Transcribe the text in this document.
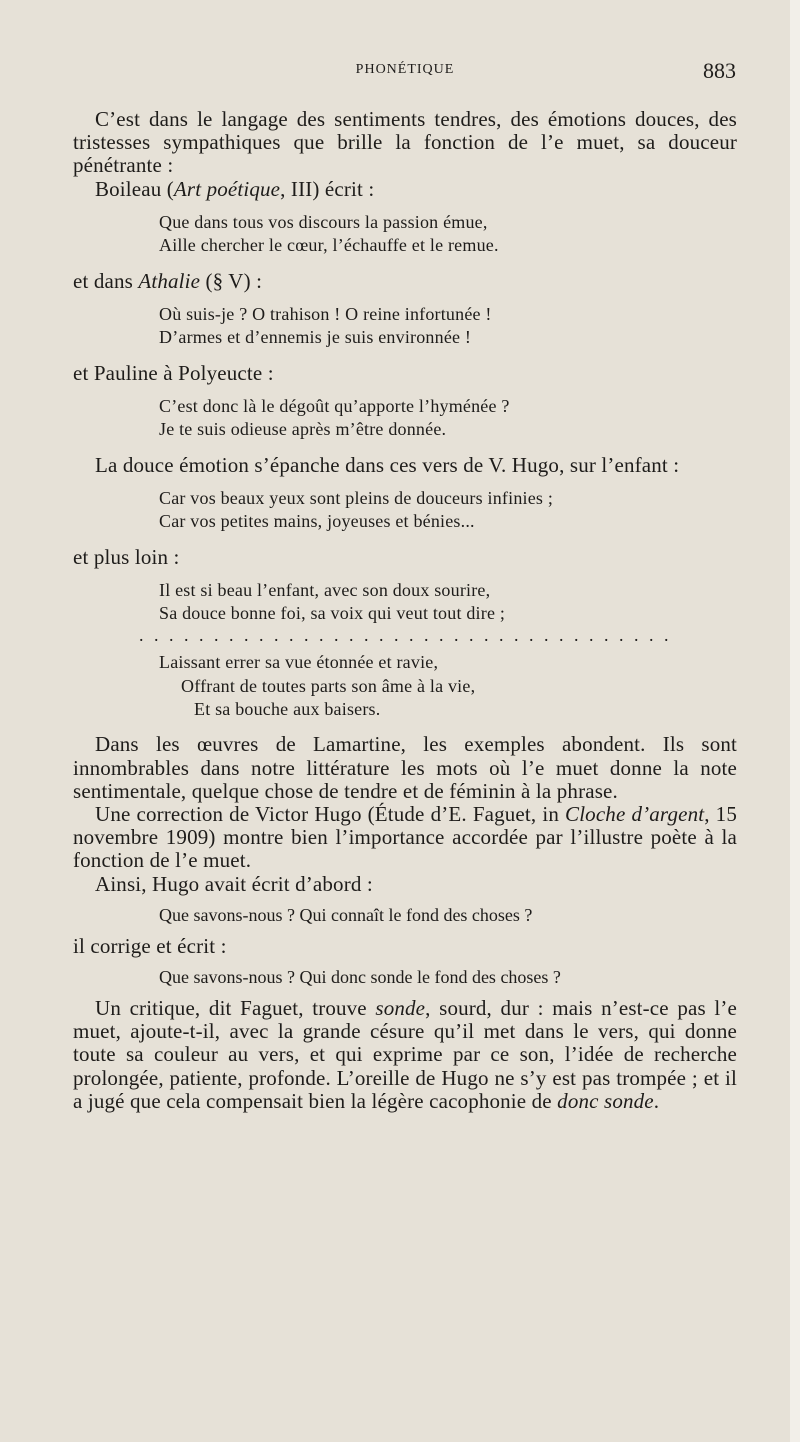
PHONÉTIQUE	883

C’est dans le langage des sentiments tendres, des émotions douces, des tristesses sympathiques que brille la fonction de l’e muet, sa douceur pénétrante :

Boileau (Art poétique, III) écrit :

Que dans tous vos discours la passion émue,
Aille chercher le cœur, l’échauffe et le remue.

et dans Athalie (§ V) :

Où suis-je ? O trahison ! O reine infortunée !
D’armes et d’ennemis je suis environnée !

et Pauline à Polyeucte :

C’est donc là le dégoût qu’apporte l’hyménée ?
Je te suis odieuse après m’être donnée.

La douce émotion s’épanche dans ces vers de V. Hugo, sur l’enfant :

Car vos beaux yeux sont pleins de douceurs infinies ;
Car vos petites mains, joyeuses et bénies...

et plus loin :

Il est si beau l’enfant, avec son doux sourire,
Sa douce bonne foi, sa voix qui veut tout dire ;
. . . . . . . . . . . . . . . . . . . . . . . . . . . . . . . . . . . .
Laissant errer sa vue étonnée et ravie,
Offrant de toutes parts son âme à la vie,
Et sa bouche aux baisers.

Dans les œuvres de Lamartine, les exemples abondent. Ils sont innombrables dans notre littérature les mots où l’e muet donne la note sentimentale, quelque chose de tendre et de féminin à la phrase.

Une correction de Victor Hugo (Étude d’E. Faguet, in Cloche d’argent, 15 novembre 1909) montre bien l’importance accordée par l’illustre poète à la fonction de l’e muet.

Ainsi, Hugo avait écrit d’abord :

Que savons-nous ? Qui connaît le fond des choses ?

il corrige et écrit :

Que savons-nous ? Qui donc sonde le fond des choses ?

Un critique, dit Faguet, trouve sonde, sourd, dur : mais n’est-ce pas l’e muet, ajoute-t-il, avec la grande césure qu’il met dans le vers, qui donne toute sa couleur au vers, et qui exprime par ce son, l’idée de recherche prolongée, patiente, profonde. L’oreille de Hugo ne s’y est pas trompée ; et il a jugé que cela compensait bien la légère cacophonie de donc sonde.
